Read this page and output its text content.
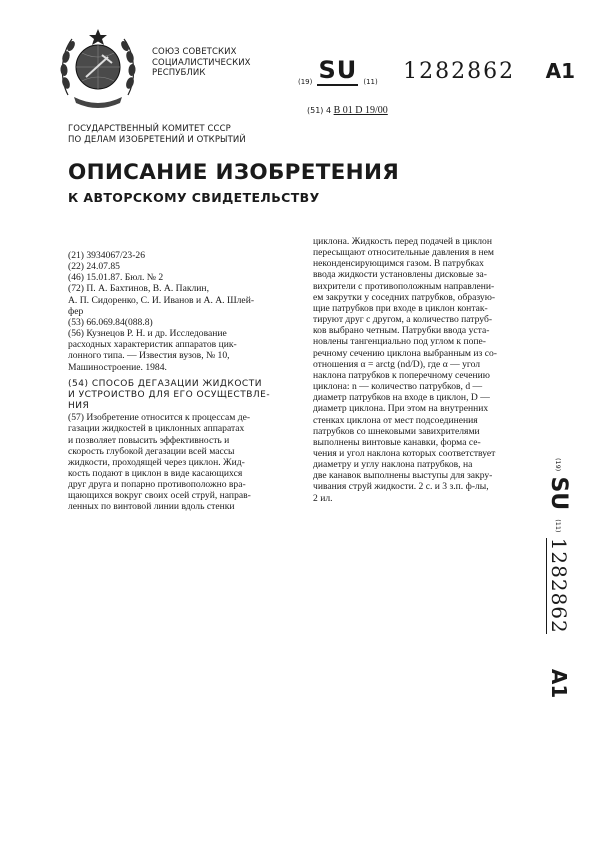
СОЮЗ СОВЕТСКИХ
СОЦИАЛИСТИЧЕСКИХ
РЕСПУБЛИК
$_{(19)}$ SU $_{(11)}$ 1282862 A1
(51) 4 В 01 D 19/00
ГОСУДАРСТВЕННЫЙ КОМИТЕТ СССР
ПО ДЕЛАМ ИЗОБРЕТЕНИЙ И ОТКРЫТИЙ
ОПИСАНИЕ ИЗОБРЕТЕНИЯ
К АВТОРСКОМУ СВИДЕТЕЛЬСТВУ

(21) 3934067/23-26

(22) 24.07.85

(46) 15.01.87. Бюл. № 2

(72) П. А. Бахтинов, В. А. Паклин,

А. П. Сидоренко, С. И. Иванов и А. А. Шлей-

фер

(53) 66.069.84(088.8)

(56) Кузнецов Р. Н. и др. Исследование

расходных характеристик аппаратов цик-

лонного типа. — Известия вузов, № 10,

Машиностроение. 1984.

(54) СПОСОБ ДЕГАЗАЦИИ ЖИДКОСТИ

И УСТРОЙСТВО ДЛЯ ЕГО ОСУЩЕСТВЛЕ-

НИЯ

(57) Изобретение относится к процессам де-

газации жидкостей в циклонных аппаратах

и позволяет повысить эффективность и

скорость глубокой дегазации всей массы

жидкости, проходящей через циклон. Жид-

кость подают в циклон в виде касающихся

друг друга и попарно противоположно вра-

щающихся вокруг своих осей струй, направ-

ленных по винтовой линии вдоль стенки

циклона. Жидкость перед подачей в циклон

пересыщают относительные давления в нем

неконденсирующимся газом. В патрубках

ввода жидкости установлены дисковые за-

вихрители с противоположным направлени-

ем закрутки у соседних патрубков, образую-

щие патрубков при входе в циклон контак-

тируют друг с другом, а количество патруб-

ков выбрано четным. Патрубки ввода уста-

новлены тангенциально под углом к попе-

речному сечению циклона выбранным из со-

отношения α = arctg (nd/D), где α — угол

наклона патрубков к поперечному сечению

циклона: n — количество патрубков, d —

диаметр патрубков на входе в циклон, D —

диаметр циклона. При этом на внутренних

стенках циклона от мест подсоединения

патрубков со шнековыми завихрителями

выполнены винтовые канавки, форма се-

чения и угол наклона которых соответствует

диаметру и углу наклона патрубков, на

две канавок выполнены выступы для закру-

чивания струй жидкости. 2 с. и 3 з.п. ф-лы,

2 ил.

$^{(19)}$ SU $^{(11)}$ 1282862 A1
